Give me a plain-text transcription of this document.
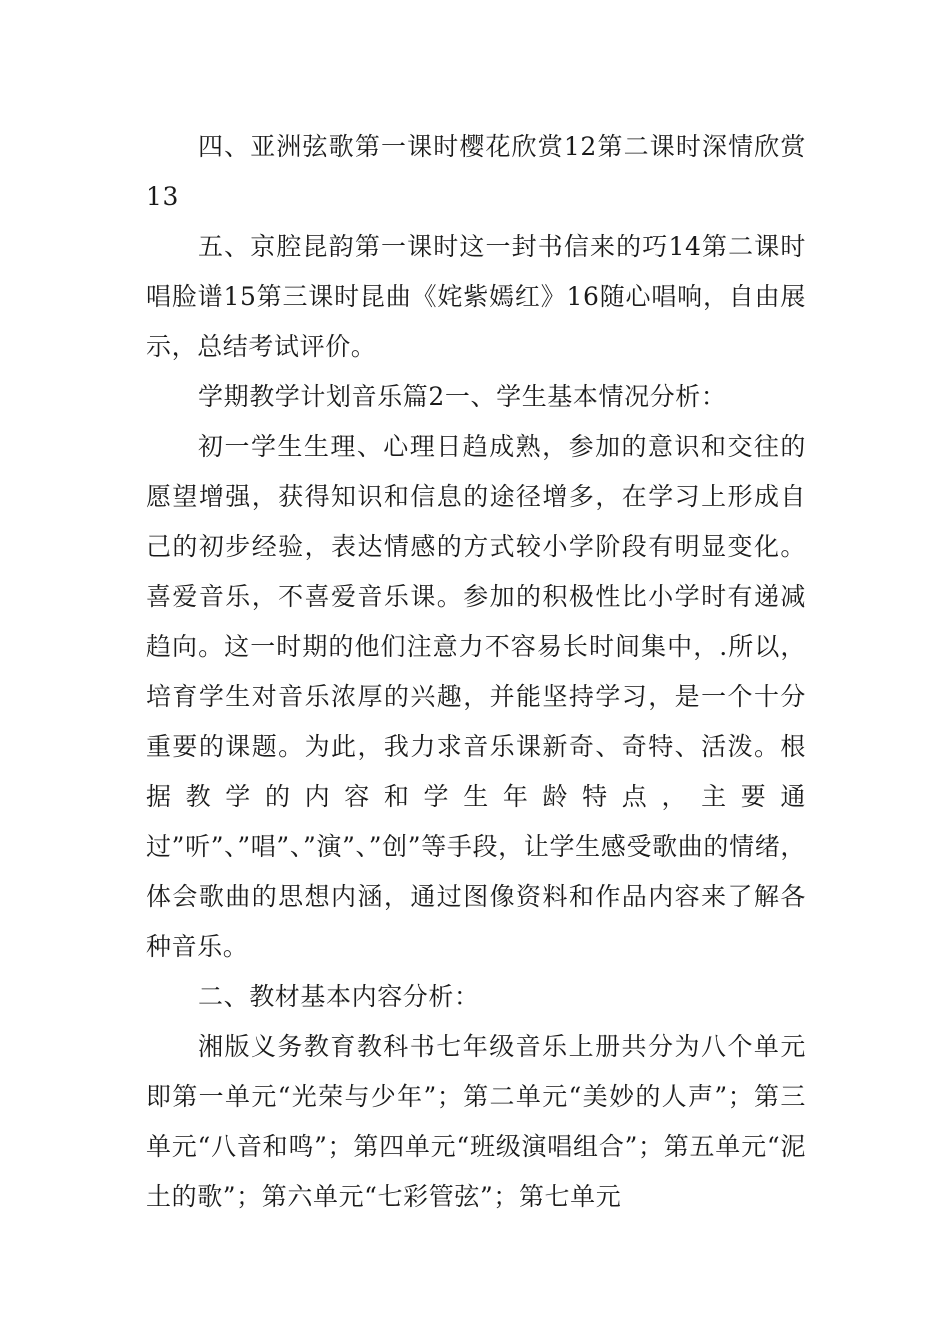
四、亚洲弦歌第一课时樱花欣赏12第二课时深情欣赏13

五、京腔昆韵第一课时这一封书信来的巧14第二课时唱脸谱15第三课时昆曲《姹紫嫣红》16随心唱响，自由展示，总结考试评价。

学期教学计划音乐篇2一、学生基本情况分析：

初一学生生理、心理日趋成熟，参加的意识和交往的愿望增强，获得知识和信息的途径增多，在学习上形成自己的初步经验，表达情感的方式较小学阶段有明显变化。喜爱音乐，不喜爱音乐课。参加的积极性比小学时有递减趋向。这一时期的他们注意力不容易长时间集中，.所以，培育学生对音乐浓厚的兴趣，并能坚持学习，是一个十分重要的课题。为此，我力求音乐课新奇、奇特、活泼。根据教学的内容和学生年龄特点，主要通过”听”、”唱”、”演”、”创”等手段，让学生感受歌曲的情绪，体会歌曲的思想内涵，通过图像资料和作品内容来了解各种音乐。

二、教材基本内容分析：

湘版义务教育教科书七年级音乐上册共分为八个单元即第一单元“光荣与少年”；第二单元“美妙的人声”；第三单元“八音和鸣”；第四单元“班级演唱组合”；第五单元“泥土的歌”；第六单元“七彩管弦”；第七单元
